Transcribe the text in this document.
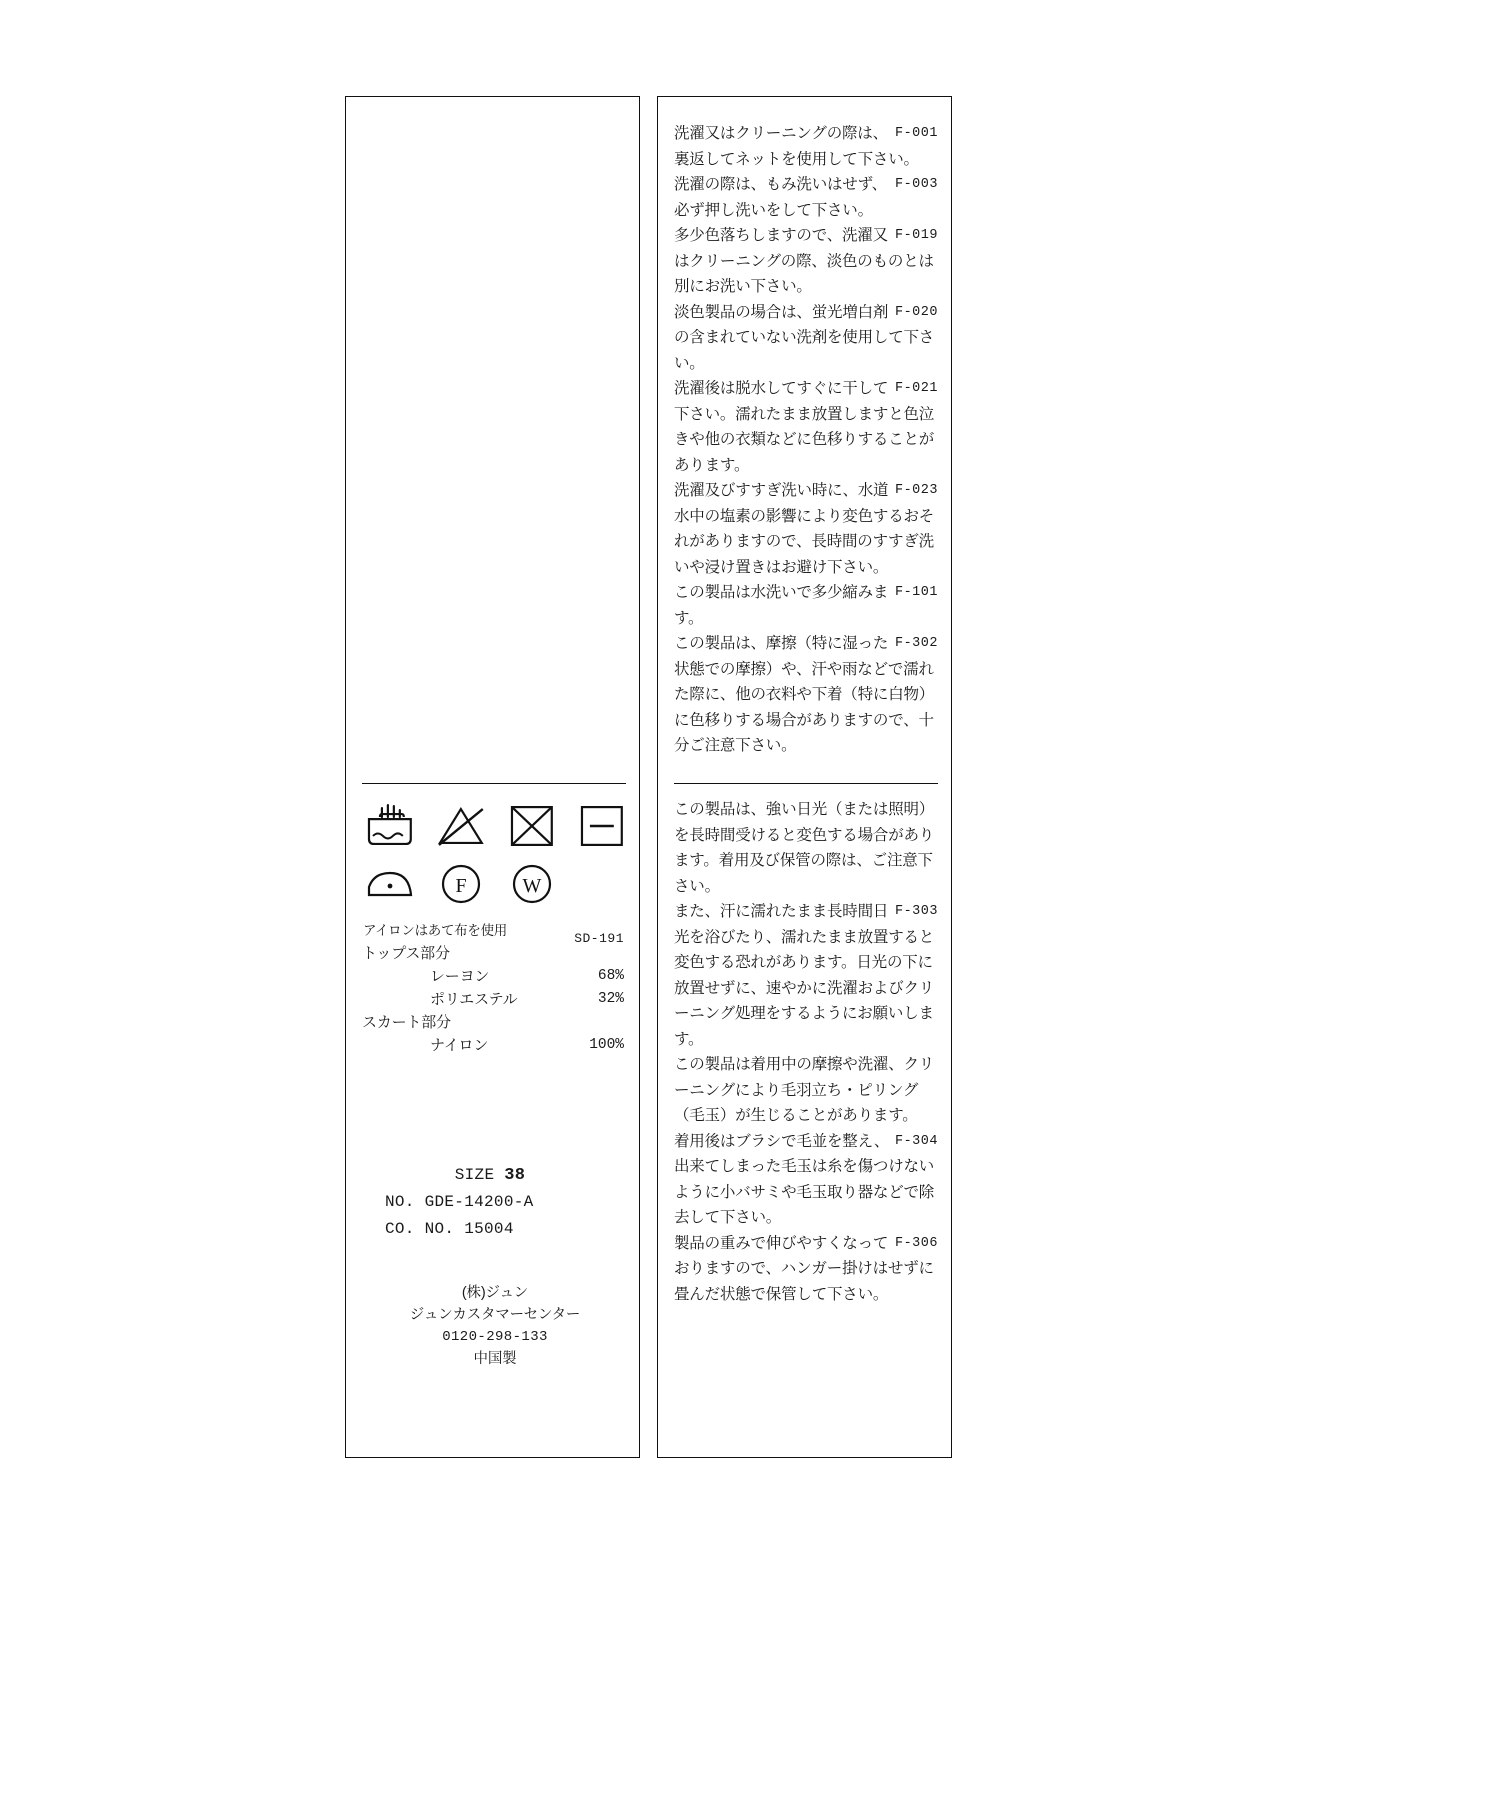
F	W
アイロンはあて布を使用
SD-191
トップス部分
レーヨン	68%
ポリエステル	32%
スカート部分
ナイロン	100%
SIZE 38
NO. GDE-14200-A
CO. NO. 15004
(株)ジュン
ジュンカスタマーセンター
0120-298-133
中国製
F-001
洗濯又はクリーニングの際は、裏返してネットを使用して下さい。
F-003
洗濯の際は、もみ洗いはせず、必ず押し洗いをして下さい。
F-019
多少色落ちしますので、洗濯又はクリーニングの際、淡色のものとは別にお洗い下さい。
F-020
淡色製品の場合は、蛍光増白剤の含まれていない洗剤を使用して下さい。
F-021
洗濯後は脱水してすぐに干して下さい。濡れたまま放置しますと色泣きや他の衣類などに色移りすることがあります。
F-023
洗濯及びすすぎ洗い時に、水道水中の塩素の影響により変色するおそれがありますので、長時間のすすぎ洗いや浸け置きはお避け下さい。
F-101
この製品は水洗いで多少縮みます。
F-302
この製品は、摩擦（特に湿った状態での摩擦）や、汗や雨などで濡れた際に、他の衣料や下着（特に白物）に色移りする場合がありますので、十分ご注意下さい。
この製品は、強い日光（または照明）を長時間受けると変色する場合があります。着用及び保管の際は、ご注意下さい。
F-303
また、汗に濡れたまま長時間日光を浴びたり、濡れたまま放置すると変色する恐れがあります。日光の下に放置せずに、速やかに洗濯およびクリーニング処理をするようにお願いします。
この製品は着用中の摩擦や洗濯、クリーニングにより毛羽立ち・ピリング（毛玉）が生じることがあります。
F-304
着用後はブラシで毛並を整え、出来てしまった毛玉は糸を傷つけないように小バサミや毛玉取り器などで除去して下さい。
F-306
製品の重みで伸びやすくなっておりますので、ハンガー掛けはせずに畳んだ状態で保管して下さい。
